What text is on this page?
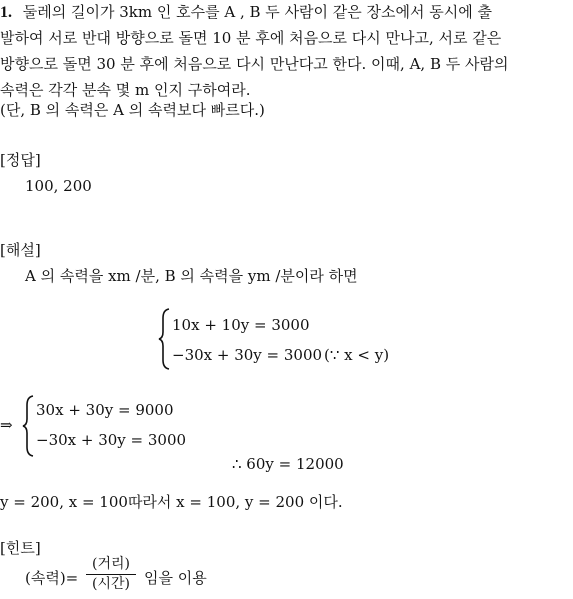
1. 둘레의 길이가 3km 인 호수를 A , B 두 사람이 같은 장소에서 동시에 출
발하여 서로 반대 방향으로 돌면 10 분 후에 처음으로 다시 만나고, 서로 같은
방향으로 돌면 30 분 후에 처음으로 다시 만난다고 한다. 이때, A, B 두 사람의
속력은 각각 분속 몇 m 인지 구하여라.
(단, B 의 속력은 A 의 속력보다 빠르다.)
[정답]
100, 200
[해설]
A 의 속력을 xm /분, B 의 속력을 ym /분이라 하면
10x + 10y = 3000
−30x + 30y = 3000 (∵ x < y)
⇒
30x + 30y = 9000
−30x + 30y = 3000
∴ 60y = 12000
y = 200, x = 100따라서 x = 100, y = 200 이다.
[힌트]
(속력)=
(거리)
(시간) 임을 이용
